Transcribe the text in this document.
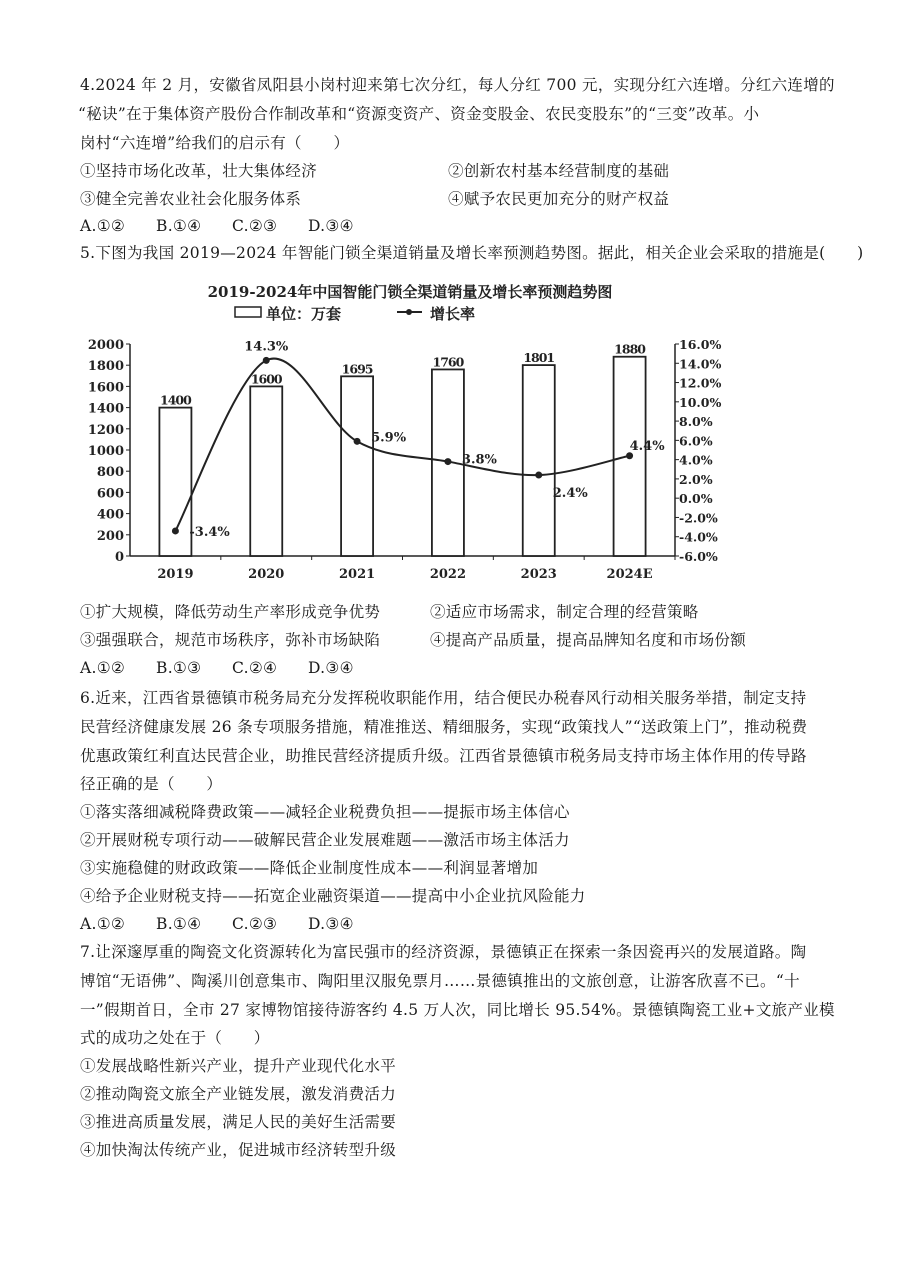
4.2024 年 2 月，安徽省凤阳县小岗村迎来第七次分红，每人分红 700 元，实现分红六连增。分红六连增的
“秘诀”在于集体资产股份合作制改革和“资源变资产、资金变股金、农民变股东”的“三变”改革。小
岗村“六连增”给我们的启示有（　　）
①坚持市场化改革，壮大集体经济	②创新农村基本经营制度的基础
③健全完善农业社会化服务体系	④赋予农民更加充分的财产权益
A.①② B.①④ C.②③ D.③④
5.下图为我国 2019—2024 年智能门锁全渠道销量及增长率预测趋势图。据此，相关企业会采取的措施是(　　)
2019-2024年中国智能门锁全渠道销量及增长率预测趋势图
单位：万套	增长率
0
200
400
600
800
1000
1200
1400
1600
1800
2000
-6.0%
-4.0%
-2.0%
0.0%
2.0%
4.0%
6.0%
8.0%
10.0%
12.0%
14.0%
16.0%
2019	2020	2021	2022	2023	2024E
1400
1600
1695	1760	1801
1880
-3.4%
14.3%
5.9%
3.8%
2.4%
4.4%
①扩大规模，降低劳动生产率形成竞争优势	②适应市场需求，制定合理的经营策略
③强强联合，规范市场秩序，弥补市场缺陷	④提高产品质量，提高品牌知名度和市场份额
A.①② B.①③ C.②④ D.③④
6.近来，江西省景德镇市税务局充分发挥税收职能作用，结合便民办税春风行动相关服务举措，制定支持
民营经济健康发展 26 条专项服务措施，精准推送、精细服务，实现“政策找人”“送政策上门”，推动税费
优惠政策红利直达民营企业，助推民营经济提质升级。江西省景德镇市税务局支持市场主体作用的传导路
径正确的是（　　）
①落实落细减税降费政策——减轻企业税费负担——提振市场主体信心
②开展财税专项行动——破解民营企业发展难题——激活市场主体活力
③实施稳健的财政政策——降低企业制度性成本——利润显著增加
④给予企业财税支持——拓宽企业融资渠道——提高中小企业抗风险能力
A.①② B.①④ C.②③ D.③④
7.让深邃厚重的陶瓷文化资源转化为富民强市的经济资源，景德镇正在探索一条因瓷再兴的发展道路。陶
博馆“无语佛”、陶溪川创意集市、陶阳里汉服免票月……景德镇推出的文旅创意，让游客欣喜不已。“十
一”假期首日，全市 27 家博物馆接待游客约 4.5 万人次，同比增长 95.54%。景德镇陶瓷工业+文旅产业模
式的成功之处在于（　　）
①发展战略性新兴产业，提升产业现代化水平
②推动陶瓷文旅全产业链发展，激发消费活力
③推进高质量发展，满足人民的美好生活需要
④加快淘汰传统产业，促进城市经济转型升级
